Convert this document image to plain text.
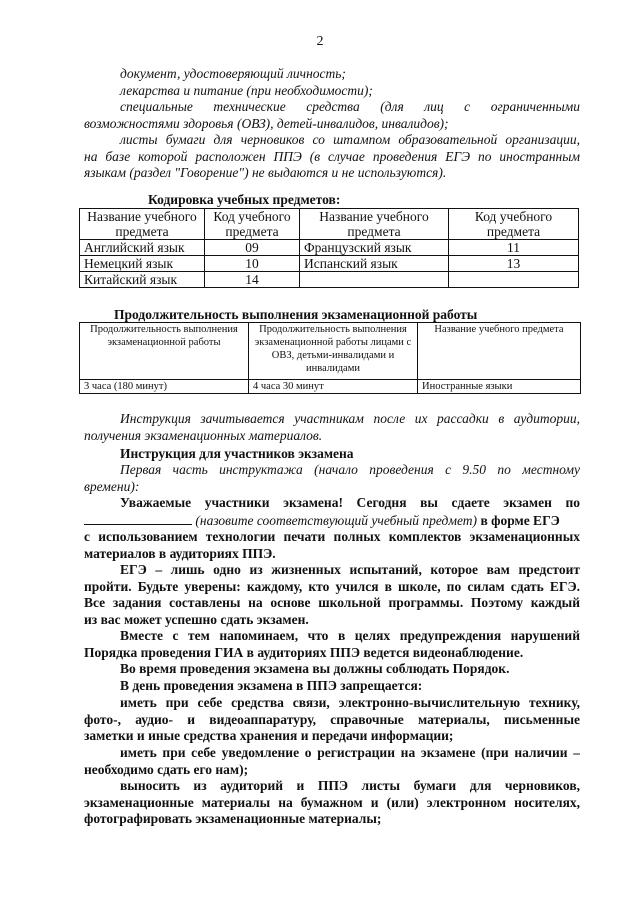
2
документ, удостоверяющий личность;
лекарства и питание (при необходимости);
специальные технические средства (для лиц с ограниченными
возможностями здоровья (ОВЗ), детей-инвалидов, инвалидов);
листы бумаги для черновиков со штампом образовательной организации,
на базе которой расположен ППЭ (в случае проведения ЕГЭ по иностранным
языкам (раздел "Говорение") не выдаются и не используются).
Кодировка учебных предметов:
Название учебного предмета	Код учебного предмета	Название учебного предмета	Код учебного предмета
Английский язык	09	Французский язык	11
Немецкий язык	10	Испанский язык	13
Китайский язык	14		
Продолжительность выполнения экзаменационной работы
Продолжительность выполнения экзаменационной работы	Продолжительность выполнения экзаменационной работы лицами с ОВЗ, детьми-инвалидами и инвалидами	Название учебного предмета
3 часа (180 минут)	4 часа 30 минут	Иностранные языки
Инструкция зачитывается участникам после их рассадки в аудитории,
получения экзаменационных материалов.
Инструкция для участников экзамена
Первая часть инструктажа (начало проведения с 9.50 по местному
времени):
Уважаемые участники экзамена! Сегодня вы сдаете экзамен по
(назовите соответствующий учебный предмет) в форме ЕГЭ
с использованием технологии печати полных комплектов экзаменационных
материалов в аудиториях ППЭ.
ЕГЭ – лишь одно из жизненных испытаний, которое вам предстоит
пройти. Будьте уверены: каждому, кто учился в школе, по силам сдать ЕГЭ.
Все задания составлены на основе школьной программы. Поэтому каждый
из вас может успешно сдать экзамен.
Вместе с тем напоминаем, что в целях предупреждения нарушений
Порядка проведения ГИА в аудиториях ППЭ ведется видеонаблюдение.
Во время проведения экзамена вы должны соблюдать Порядок.
В день проведения экзамена в ППЭ запрещается:
иметь при себе средства связи, электронно-вычислительную технику,
фото-, аудио- и видеоаппаратуру, справочные материалы, письменные
заметки и иные средства хранения и передачи информации;
иметь при себе уведомление о регистрации на экзамене (при наличии –
необходимо сдать его нам);
выносить из аудиторий и ППЭ листы бумаги для черновиков,
экзаменационные материалы на бумажном и (или) электронном носителях,
фотографировать экзаменационные материалы;
